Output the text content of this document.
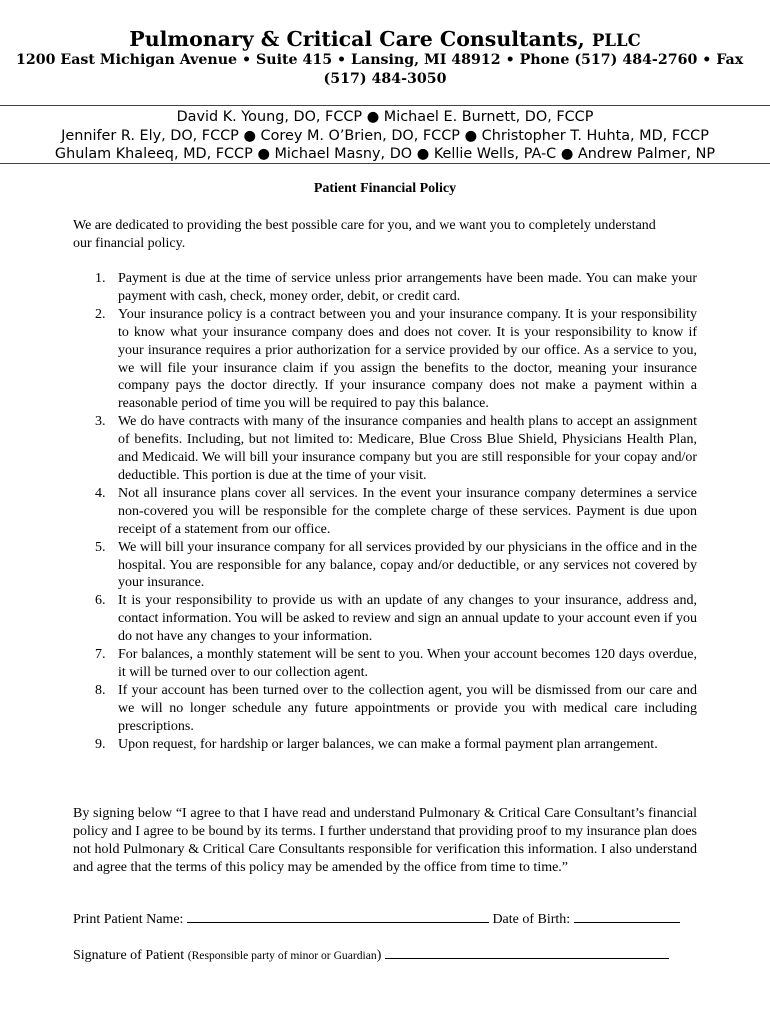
Pulmonary & Critical Care Consultants, PLLC
1200 East Michigan Avenue • Suite 415 • Lansing, MI 48912 • Phone (517) 484-2760 • Fax
(517) 484-3050
David K. Young, DO, FCCP ● Michael E. Burnett, DO, FCCP
Jennifer R. Ely, DO, FCCP ● Corey M. O’Brien, DO, FCCP ● Christopher T. Huhta, MD, FCCP
Ghulam Khaleeq, MD, FCCP ● Michael Masny, DO ● Kellie Wells, PA-C ● Andrew Palmer, NP
Patient Financial Policy
We are dedicated to providing the best possible care for you, and we want you to completely understand our financial policy.
1. Payment is due at the time of service unless prior arrangements have been made. You can make your payment with cash, check, money order, debit, or credit card.
2. Your insurance policy is a contract between you and your insurance company. It is your responsibility to know what your insurance company does and does not cover. It is your responsibility to know if your insurance requires a prior authorization for a service provided by our office. As a service to you, we will file your insurance claim if you assign the benefits to the doctor, meaning your insurance company pays the doctor directly. If your insurance company does not make a payment within a reasonable period of time you will be required to pay this balance.
3. We do have contracts with many of the insurance companies and health plans to accept an assignment of benefits. Including, but not limited to: Medicare, Blue Cross Blue Shield, Physicians Health Plan, and Medicaid. We will bill your insurance company but you are still responsible for your copay and/or deductible. This portion is due at the time of your visit.
4. Not all insurance plans cover all services. In the event your insurance company determines a service non-covered you will be responsible for the complete charge of these services. Payment is due upon receipt of a statement from our office.
5. We will bill your insurance company for all services provided by our physicians in the office and in the hospital. You are responsible for any balance, copay and/or deductible, or any services not covered by your insurance.
6. It is your responsibility to provide us with an update of any changes to your insurance, address and, contact information. You will be asked to review and sign an annual update to your account even if you do not have any changes to your information.
7. For balances, a monthly statement will be sent to you. When your account becomes 120 days overdue, it will be turned over to our collection agent.
8. If your account has been turned over to the collection agent, you will be dismissed from our care and we will no longer schedule any future appointments or provide you with medical care including prescriptions.
9. Upon request, for hardship or larger balances, we can make a formal payment plan arrangement.
By signing below “I agree to that I have read and understand Pulmonary & Critical Care Consultant’s financial policy and I agree to be bound by its terms. I further understand that providing proof to my insurance plan does not hold Pulmonary & Critical Care Consultants responsible for verification this information. I also understand and agree that the terms of this policy may be amended by the office from time to time.”
Print Patient Name:	Date of Birth:
Signature of Patient (Responsible party of minor or Guardian)
